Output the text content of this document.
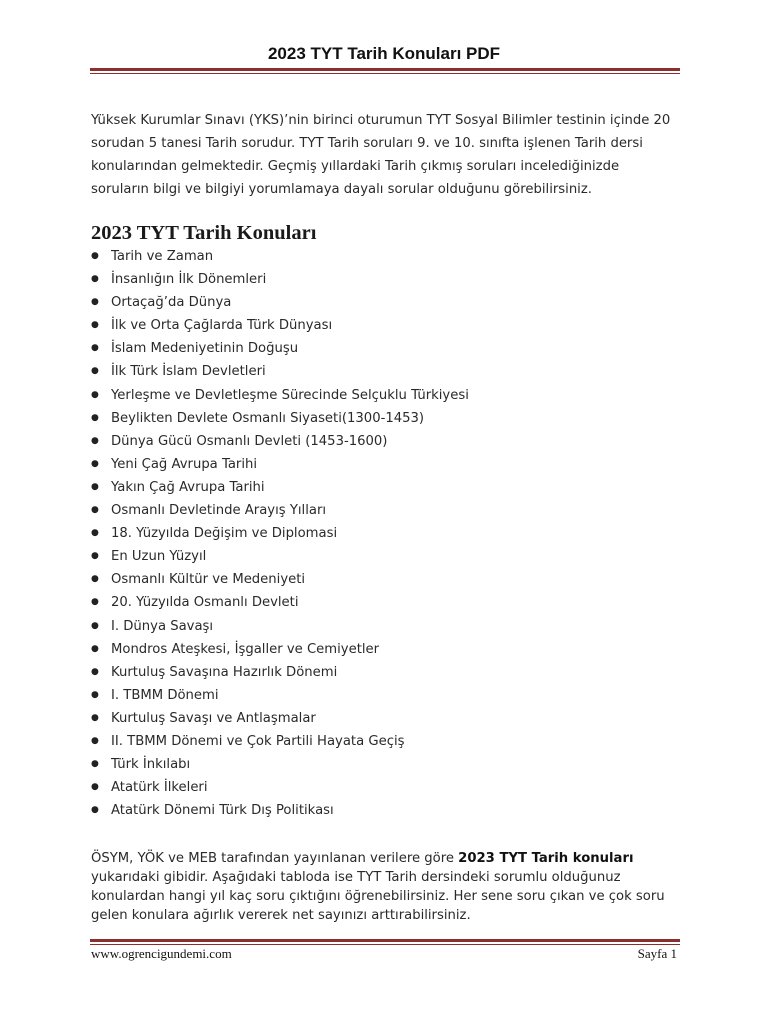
2023 TYT Tarih Konuları PDF

Yüksek Kurumlar Sınavı (YKS)’nin birinci oturumun TYT Sosyal Bilimler testinin içinde 20 sorudan 5 tanesi Tarih sorudur. TYT Tarih soruları 9. ve 10. sınıfta işlenen Tarih dersi konularından gelmektedir. Geçmiş yıllardaki Tarih çıkmış soruları incelediğinizde soruların bilgi ve bilgiyi yorumlamaya dayalı sorular olduğunu görebilirsiniz.

2023 TYT Tarih Konuları
● Tarih ve Zaman
● İnsanlığın İlk Dönemleri
● Ortaçağ’da Dünya
● İlk ve Orta Çağlarda Türk Dünyası
● İslam Medeniyetinin Doğuşu
● İlk Türk İslam Devletleri
● Yerleşme ve Devletleşme Sürecinde Selçuklu Türkiyesi
● Beylikten Devlete Osmanlı Siyaseti(1300-1453)
● Dünya Gücü Osmanlı Devleti (1453-1600)
● Yeni Çağ Avrupa Tarihi
● Yakın Çağ Avrupa Tarihi
● Osmanlı Devletinde Arayış Yılları
● 18. Yüzyılda Değişim ve Diplomasi
● En Uzun Yüzyıl
● Osmanlı Kültür ve Medeniyeti
● 20. Yüzyılda Osmanlı Devleti
● I. Dünya Savaşı
● Mondros Ateşkesi, İşgaller ve Cemiyetler
● Kurtuluş Savaşına Hazırlık Dönemi
● I. TBMM Dönemi
● Kurtuluş Savaşı ve Antlaşmalar
● II. TBMM Dönemi ve Çok Partili Hayata Geçiş
● Türk İnkılabı
● Atatürk İlkeleri
● Atatürk Dönemi Türk Dış Politikası

ÖSYM, YÖK ve MEB tarafından yayınlanan verilere göre 2023 TYT Tarih konuları yukarıdaki gibidir. Aşağıdaki tabloda ise TYT Tarih dersindeki sorumlu olduğunuz konulardan hangi yıl kaç soru çıktığını öğrenebilirsiniz. Her sene soru çıkan ve çok soru gelen konulara ağırlık vererek net sayınızı arttırabilirsiniz.

www.ogrencigundemi.com	Sayfa 1
